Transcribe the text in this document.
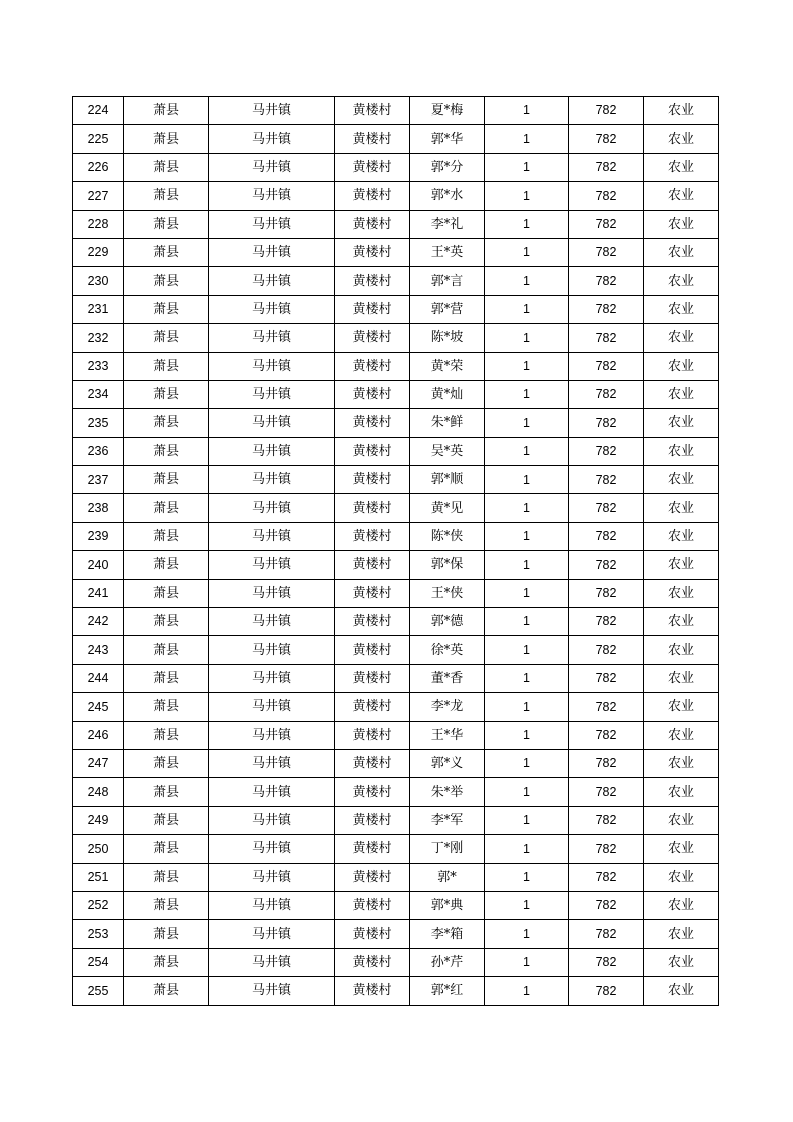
224	萧县	马井镇	黄楼村	夏*梅	1	782	农业
225	萧县	马井镇	黄楼村	郭*华	1	782	农业
226	萧县	马井镇	黄楼村	郭*分	1	782	农业
227	萧县	马井镇	黄楼村	郭*水	1	782	农业
228	萧县	马井镇	黄楼村	李*礼	1	782	农业
229	萧县	马井镇	黄楼村	王*英	1	782	农业
230	萧县	马井镇	黄楼村	郭*言	1	782	农业
231	萧县	马井镇	黄楼村	郭*营	1	782	农业
232	萧县	马井镇	黄楼村	陈*坡	1	782	农业
233	萧县	马井镇	黄楼村	黄*荣	1	782	农业
234	萧县	马井镇	黄楼村	黄*灿	1	782	农业
235	萧县	马井镇	黄楼村	朱*鲜	1	782	农业
236	萧县	马井镇	黄楼村	吴*英	1	782	农业
237	萧县	马井镇	黄楼村	郭*顺	1	782	农业
238	萧县	马井镇	黄楼村	黄*见	1	782	农业
239	萧县	马井镇	黄楼村	陈*侠	1	782	农业
240	萧县	马井镇	黄楼村	郭*保	1	782	农业
241	萧县	马井镇	黄楼村	王*侠	1	782	农业
242	萧县	马井镇	黄楼村	郭*德	1	782	农业
243	萧县	马井镇	黄楼村	徐*英	1	782	农业
244	萧县	马井镇	黄楼村	董*香	1	782	农业
245	萧县	马井镇	黄楼村	李*龙	1	782	农业
246	萧县	马井镇	黄楼村	王*华	1	782	农业
247	萧县	马井镇	黄楼村	郭*义	1	782	农业
248	萧县	马井镇	黄楼村	朱*举	1	782	农业
249	萧县	马井镇	黄楼村	李*军	1	782	农业
250	萧县	马井镇	黄楼村	丁*刚	1	782	农业
251	萧县	马井镇	黄楼村	郭*	1	782	农业
252	萧县	马井镇	黄楼村	郭*典	1	782	农业
253	萧县	马井镇	黄楼村	李*箱	1	782	农业
254	萧县	马井镇	黄楼村	孙*芹	1	782	农业
255	萧县	马井镇	黄楼村	郭*红	1	782	农业
